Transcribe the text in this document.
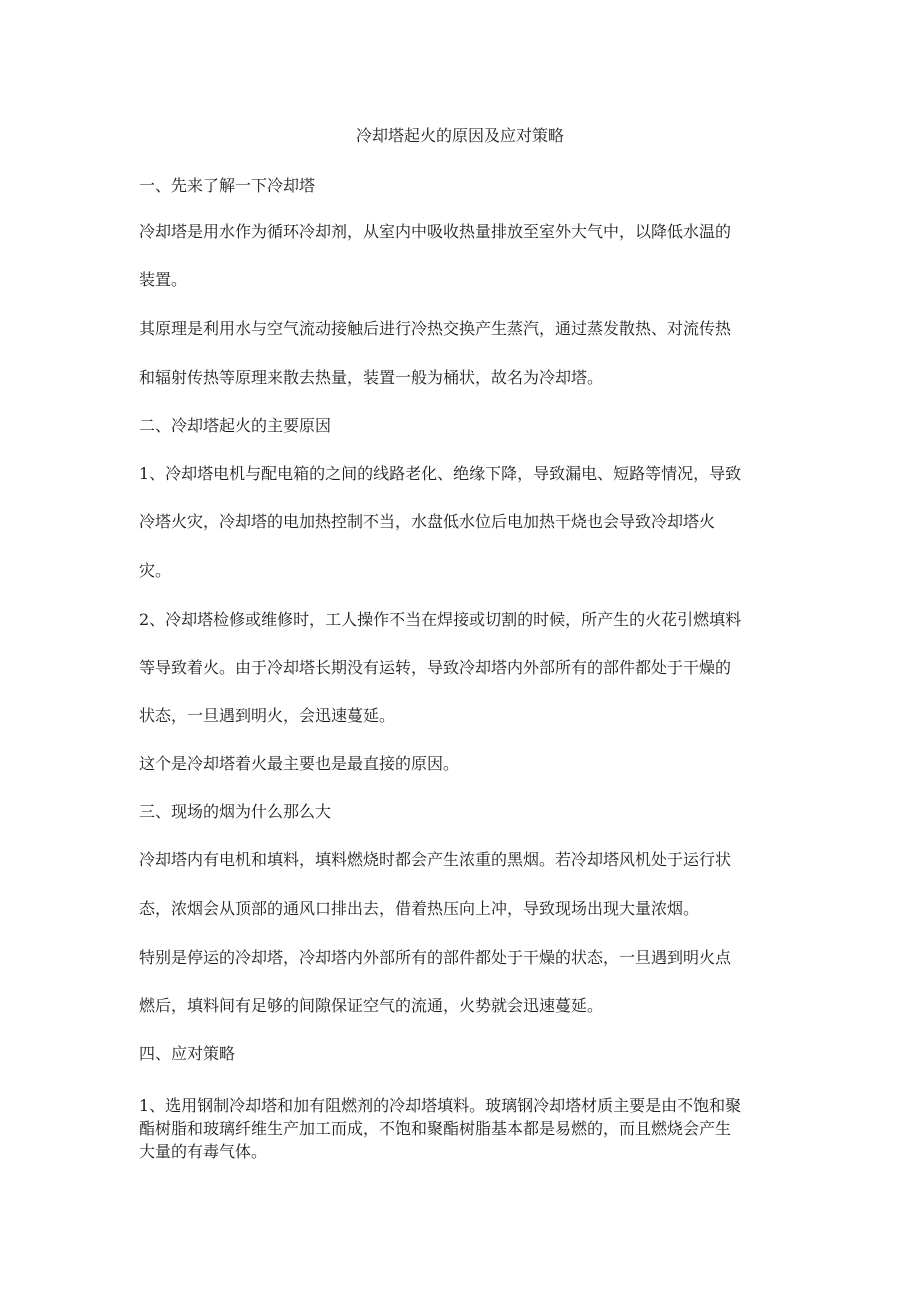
冷却塔起火的原因及应对策略
一、先来了解一下冷却塔
冷却塔是用水作为循环冷却剂，从室内中吸收热量排放至室外大气中，以降低水温的
装置。
其原理是利用水与空气流动接触后进行冷热交换产生蒸汽，通过蒸发散热、对流传热
和辐射传热等原理来散去热量，装置一般为桶状，故名为冷却塔。
二、冷却塔起火的主要原因
1、冷却塔电机与配电箱的之间的线路老化、绝缘下降，导致漏电、短路等情况，导致
冷塔火灾，冷却塔的电加热控制不当，水盘低水位后电加热干烧也会导致冷却塔火
灾。
2、冷却塔检修或维修时，工人操作不当在焊接或切割的时候，所产生的火花引燃填料
等导致着火。由于冷却塔长期没有运转，导致冷却塔内外部所有的部件都处于干燥的
状态，一旦遇到明火，会迅速蔓延。
这个是冷却塔着火最主要也是最直接的原因。
三、现场的烟为什么那么大
冷却塔内有电机和填料，填料燃烧时都会产生浓重的黑烟。若冷却塔风机处于运行状
态，浓烟会从顶部的通风口排出去，借着热压向上冲，导致现场出现大量浓烟。
特别是停运的冷却塔，冷却塔内外部所有的部件都处于干燥的状态，一旦遇到明火点
燃后，填料间有足够的间隙保证空气的流通，火势就会迅速蔓延。
四、应对策略
1、选用钢制冷却塔和加有阻燃剂的冷却塔填料。玻璃钢冷却塔材质主要是由不饱和聚
酯树脂和玻璃纤维生产加工而成，不饱和聚酯树脂基本都是易燃的，而且燃烧会产生
大量的有毒气体。
